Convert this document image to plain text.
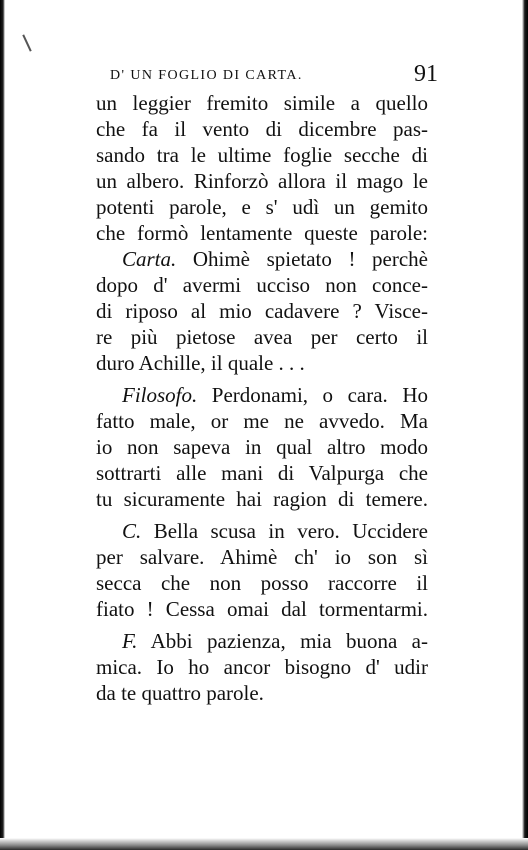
D' UN FOGLIO DI CARTA.	91
un leggier fremito simile a quello
che fa il vento di dicembre pas-
sando tra le ultime foglie secche di
un albero. Rinforzò allora il mago le
potenti parole, e s' udì un gemito
che formò lentamente queste parole:
Carta. Ohimè spietato ! perchè
dopo d' avermi ucciso non conce-
di riposo al mio cadavere ? Visce-
re più pietose avea per certo il
duro Achille, il quale . . .
Filosofo. Perdonami, o cara. Ho
fatto male, or me ne avvedo. Ma
io non sapeva in qual altro modo
sottrarti alle mani di Valpurga che
tu sicuramente hai ragion di temere.
C. Bella scusa in vero. Uccidere
per salvare. Ahimè ch' io son sì
secca che non posso raccorre il
fiato ! Cessa omai dal tormentarmi.
F. Abbi pazienza, mia buona a-
mica. Io ho ancor bisogno d' udir
da te quattro parole.
